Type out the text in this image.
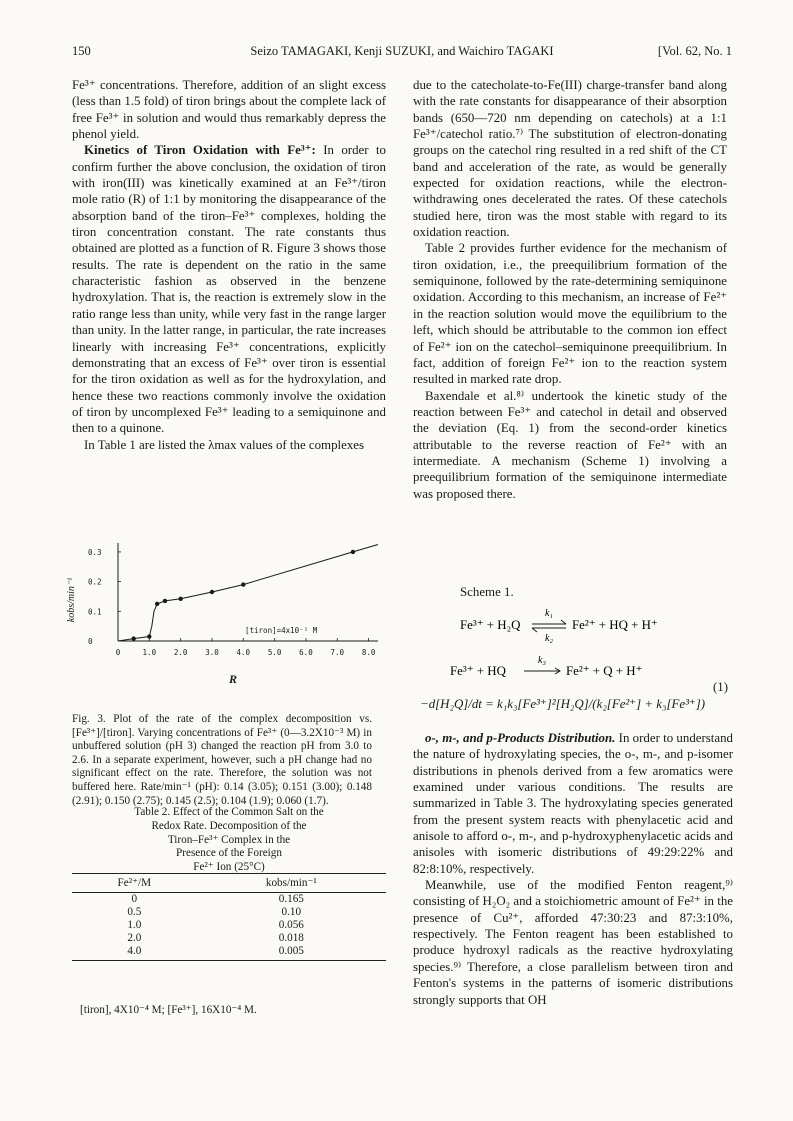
150	Seizo TAMAGAKI, Kenji SUZUKI, and Waichiro TAGAKI	[Vol. 62, No. 1

Fe³⁺ concentrations. Therefore, addition of an slight excess (less than 1.5 fold) of tiron brings about the complete lack of free Fe³⁺ in solution and would thus remarkably depress the phenol yield.

Kinetics of Tiron Oxidation with Fe³⁺: In order to confirm further the above conclusion, the oxidation of tiron with iron(III) was kinetically examined at an Fe³⁺/tiron mole ratio (R) of 1:1 by monitoring the disappearance of the absorption band of the tiron–Fe³⁺ complexes, holding the tiron concentration constant. The rate constants thus obtained are plotted as a function of R. Figure 3 shows those results. The rate is dependent on the ratio in the same characteristic fashion as observed in the benzene hydroxylation. That is, the reaction is extremely slow in the ratio range less than unity, while very fast in the range larger than unity. In the latter range, in particular, the rate increases linearly with increasing Fe³⁺ concentrations, explicitly demonstrating that an excess of Fe³⁺ over tiron is essential for the tiron oxidation as well as for the hydroxylation, and hence these two reactions commonly involve the oxidation of tiron by uncomplexed Fe³⁺ leading to a semiquinone and then to a quinone.

In Table 1 are listed the λmax values of the complexes

0	1.0 2.0 3.0 4.0 5.0 6.0 7.0 8.0
0
0.1
0.2
0.3
[tiron]=4x10⁻¹ M
kobs/min⁻¹
R
Fig. 3. Plot of the rate of the complex decomposition vs. [Fe³⁺]/[tiron]. Varying concentrations of Fe³⁺ (0—3.2X10⁻³ M) in unbuffered solution (pH 3) changed the reaction pH from 3.0 to 2.6. In a separate experiment, however, such a pH change had no significant effect on the rate. Therefore, the solution was not buffered here. Rate/min⁻¹ (pH): 0.14 (3.05); 0.151 (3.00); 0.148 (2.91); 0.150 (2.75); 0.145 (2.5); 0.104 (1.9); 0.060 (1.7).
Table 2. Effect of the Common Salt on the
Redox Rate. Decomposition of the
Tiron–Fe³⁺ Complex in the
Presence of the Foreign
Fe²⁺ Ion (25°C)
Fe²⁺/M	kobs/min⁻¹
0	0.165
0.5	0.10
1.0	0.056
2.0	0.018
4.0	0.005
[tiron], 4X10⁻⁴ M; [Fe³⁺], 16X10⁻⁴ M.

due to the catecholate-to-Fe(III) charge-transfer band along with the rate constants for disappearance of their absorption bands (650—720 nm depending on catechols) at a 1:1 Fe³⁺/catechol ratio.⁷⁾ The substitution of electron-donating groups on the catechol ring resulted in a red shift of the CT band and acceleration of the rate, as would be generally expected for oxidation reactions, while the electron-withdrawing ones decelerated the rates. Of these catechols studied here, tiron was the most stable with regard to its oxidation reaction.

Table 2 provides further evidence for the mechanism of tiron oxidation, i.e., the preequilibrium formation of the semiquinone, followed by the rate-determining semiquinone oxidation. According to this mechanism, an increase of Fe²⁺ in the reaction solution would move the equilibrium to the left, which should be attributable to the common ion effect of Fe²⁺ ion on the catechol–semiquinone preequilibrium. In fact, addition of foreign Fe²⁺ ion to the reaction system resulted in marked rate drop.

Baxendale et al.⁸⁾ undertook the kinetic study of the reaction between Fe³⁺ and catechol in detail and observed the deviation (Eq. 1) from the second-order kinetics attributable to the reverse reaction of Fe²⁺ with an intermediate. A mechanism (Scheme 1) involving a preequilibrium formation of the semiquinone intermediate was proposed there.

Scheme 1.
Fe³⁺ + H₂Q
k₁
k₂
Fe²⁺ + HQ + H⁺
Fe³⁺ + HQ
k₃
Fe²⁺ + Q + H⁺
(1)
−d[H₂Q]/dt = k₁k₃[Fe³⁺]²[H₂Q]/(k₂[Fe²⁺] + k₃[Fe³⁺])

o-, m-, and p-Products Distribution. In order to understand the nature of hydroxylating species, the o-, m-, and p-isomer distributions in phenols derived from a few aromatics were examined under various conditions. The results are summarized in Table 3. The hydroxylating species generated from the present system reacts with phenylacetic acid and anisole to afford o-, m-, and p-hydroxyphenylacetic acids and anisoles with isomeric distributions of 49:29:22% and 82:8:10%, respectively.

Meanwhile, use of the modified Fenton reagent,⁹⁾ consisting of H₂O₂ and a stoichiometric amount of Fe²⁺ in the presence of Cu²⁺, afforded 47:30:23 and 87:3:10%, respectively. The Fenton reagent has been established to produce hydroxyl radicals as the reactive hydroxylating species.⁹⁾ Therefore, a close parallelism between tiron and Fenton's systems in the patterns of isomeric distributions strongly supports that OH
